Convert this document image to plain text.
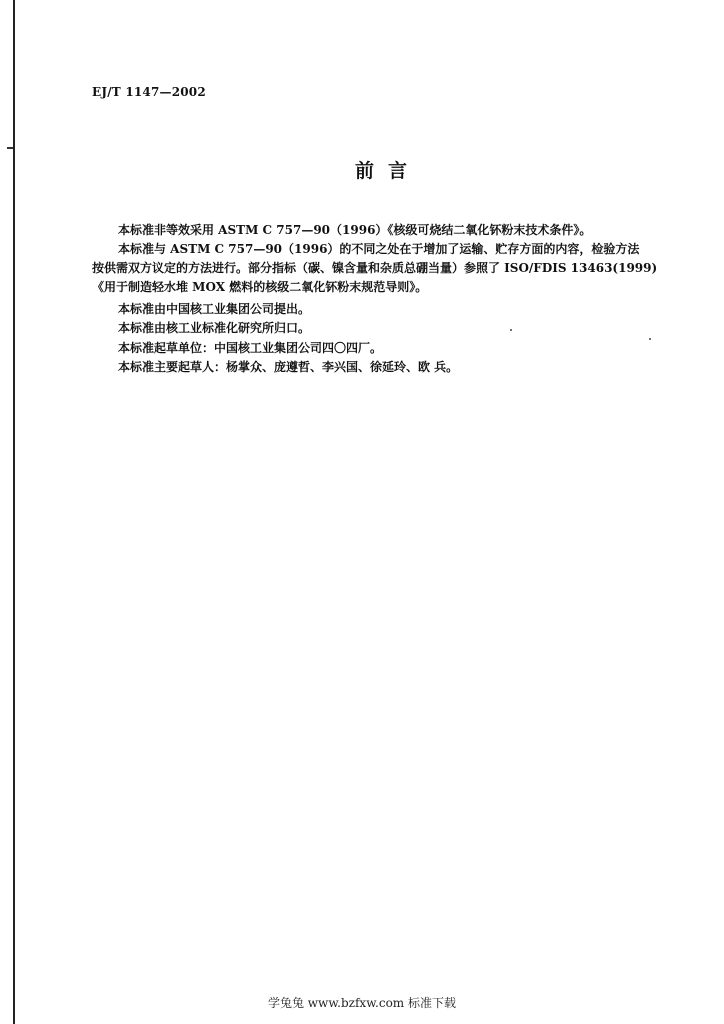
EJ/T 1147—2002
前言
本标准非等效采用 ASTM C 757—90（1996）《核级可烧结二氧化钚粉末技术条件》。
本标准与 ASTM C 757—90（1996）的不同之处在于增加了运输、贮存方面的内容，检验方法
按供需双方议定的方法进行。部分指标（碳、镍含量和杂质总硼当量）参照了 ISO/FDIS 13463(1999)
《用于制造轻水堆 MOX 燃料的核级二氧化钚粉末规范导则》。
本标准由中国核工业集团公司提出。
本标准由核工业标准化研究所归口。
本标准起草单位：中国核工业集团公司四〇四厂。
本标准主要起草人：杨掌众、庞遵哲、李兴国、徐延玲、欧 兵。
学兔兔 www.bzfxw.com 标准下载
